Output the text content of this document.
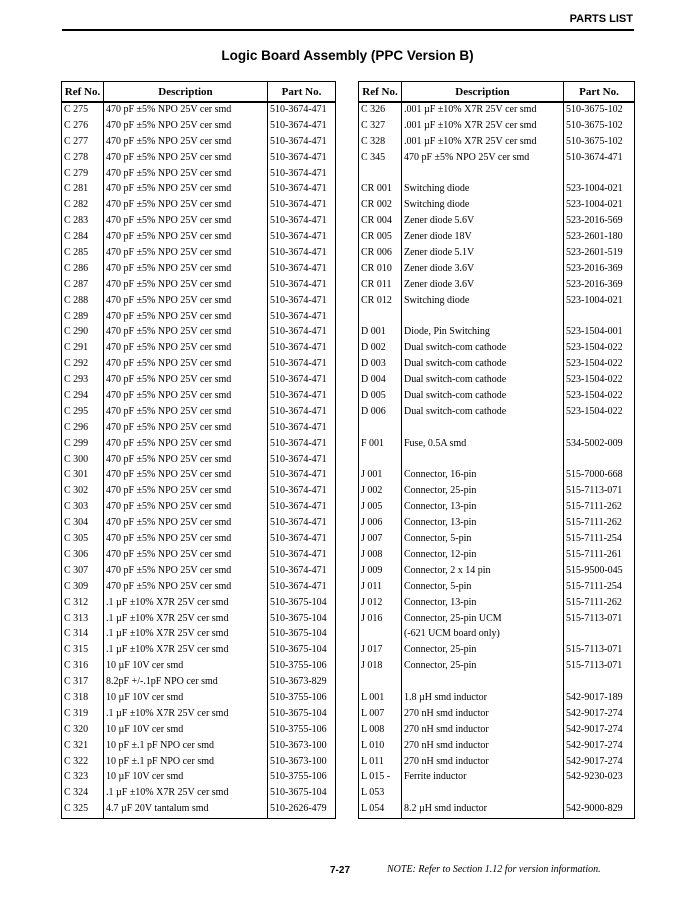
PARTS LIST
Logic Board Assembly (PPC Version B)
Ref No.	Description	Part No.
C 275	470 pF ±5% NPO 25V cer smd	510-3674-471
C 276	470 pF ±5% NPO 25V cer smd	510-3674-471
C 277	470 pF ±5% NPO 25V cer smd	510-3674-471
C 278	470 pF ±5% NPO 25V cer smd	510-3674-471
C 279	470 pF ±5% NPO 25V cer smd	510-3674-471
C 281	470 pF ±5% NPO 25V cer smd	510-3674-471
C 282	470 pF ±5% NPO 25V cer smd	510-3674-471
C 283	470 pF ±5% NPO 25V cer smd	510-3674-471
C 284	470 pF ±5% NPO 25V cer smd	510-3674-471
C 285	470 pF ±5% NPO 25V cer smd	510-3674-471
C 286	470 pF ±5% NPO 25V cer smd	510-3674-471
C 287	470 pF ±5% NPO 25V cer smd	510-3674-471
C 288	470 pF ±5% NPO 25V cer smd	510-3674-471
C 289	470 pF ±5% NPO 25V cer smd	510-3674-471
C 290	470 pF ±5% NPO 25V cer smd	510-3674-471
C 291	470 pF ±5% NPO 25V cer smd	510-3674-471
C 292	470 pF ±5% NPO 25V cer smd	510-3674-471
C 293	470 pF ±5% NPO 25V cer smd	510-3674-471
C 294	470 pF ±5% NPO 25V cer smd	510-3674-471
C 295	470 pF ±5% NPO 25V cer smd	510-3674-471
C 296	470 pF ±5% NPO 25V cer smd	510-3674-471
C 299	470 pF ±5% NPO 25V cer smd	510-3674-471
C 300	470 pF ±5% NPO 25V cer smd	510-3674-471
C 301	470 pF ±5% NPO 25V cer smd	510-3674-471
C 302	470 pF ±5% NPO 25V cer smd	510-3674-471
C 303	470 pF ±5% NPO 25V cer smd	510-3674-471
C 304	470 pF ±5% NPO 25V cer smd	510-3674-471
C 305	470 pF ±5% NPO 25V cer smd	510-3674-471
C 306	470 pF ±5% NPO 25V cer smd	510-3674-471
C 307	470 pF ±5% NPO 25V cer smd	510-3674-471
C 309	470 pF ±5% NPO 25V cer smd	510-3674-471
C 312	.1 µF ±10% X7R 25V cer smd	510-3675-104
C 313	.1 µF ±10% X7R 25V cer smd	510-3675-104
C 314	.1 µF ±10% X7R 25V cer smd	510-3675-104
C 315	.1 µF ±10% X7R 25V cer smd	510-3675-104
C 316	10 µF 10V cer smd	510-3755-106
C 317	8.2pF +/-.1pF NPO cer smd	510-3673-829
C 318	10 µF 10V cer smd	510-3755-106
C 319	.1 µF ±10% X7R 25V cer smd	510-3675-104
C 320	10 µF 10V cer smd	510-3755-106
C 321	10 pF ±.1 pF NPO cer smd	510-3673-100
C 322	10 pF ±.1 pF NPO cer smd	510-3673-100
C 323	10 µF 10V cer smd	510-3755-106
C 324	.1 µF ±10% X7R 25V cer smd	510-3675-104
C 325	4.7 µF 20V tantalum smd	510-2626-479
Ref No.	Description	Part No.
C 326	.001 µF ±10% X7R 25V cer smd	510-3675-102
C 327	.001 µF ±10% X7R 25V cer smd	510-3675-102
C 328	.001 µF ±10% X7R 25V cer smd	510-3675-102
C 345	470 pF ±5% NPO 25V cer smd	510-3674-471

CR 001	Switching diode	523-1004-021
CR 002	Switching diode	523-1004-021
CR 004	Zener diode 5.6V	523-2016-569
CR 005	Zener diode 18V	523-2601-180
CR 006	Zener diode 5.1V	523-2601-519
CR 010	Zener diode 3.6V	523-2016-369
CR 011	Zener diode 3.6V	523-2016-369
CR 012	Switching diode	523-1004-021

D 001	Diode, Pin Switching	523-1504-001
D 002	Dual switch-com cathode	523-1504-022
D 003	Dual switch-com cathode	523-1504-022
D 004	Dual switch-com cathode	523-1504-022
D 005	Dual switch-com cathode	523-1504-022
D 006	Dual switch-com cathode	523-1504-022

F 001	Fuse, 0.5A smd	534-5002-009

J 001	Connector, 16-pin	515-7000-668
J 002	Connector, 25-pin	515-7113-071
J 005	Connector, 13-pin	515-7111-262
J 006	Connector, 13-pin	515-7111-262
J 007	Connector, 5-pin	515-7111-254
J 008	Connector, 12-pin	515-7111-261
J 009	Connector, 2 x 14 pin	515-9500-045
J 011	Connector, 5-pin	515-7111-254
J 012	Connector, 13-pin	515-7111-262
J 016	Connector, 25-pin UCM	515-7113-071
	(-621 UCM board only)	
J 017	Connector, 25-pin	515-7113-071
J 018	Connector, 25-pin	515-7113-071

L 001	1.8 µH smd inductor	542-9017-189
L 007	270 nH smd inductor	542-9017-274
L 008	270 nH smd inductor	542-9017-274
L 010	270 nH smd inductor	542-9017-274
L 011	270 nH smd inductor	542-9017-274
L 015 -	Ferrite inductor	542-9230-023
L 053		
L 054	8.2 µH smd inductor	542-9000-829
7-27	NOTE: Refer to Section 1.12 for version information.
